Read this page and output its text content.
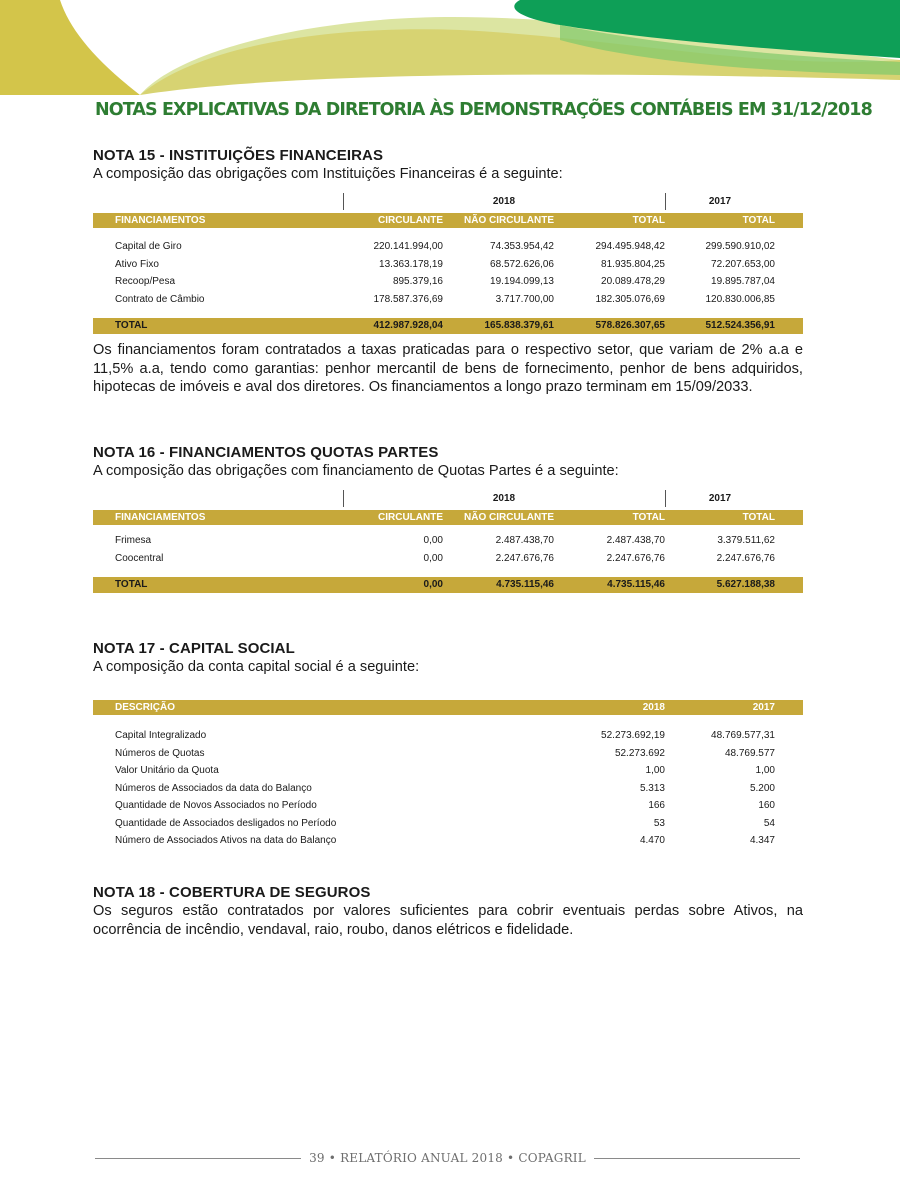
NOTAS EXPLICATIVAS DA DIRETORIA ÀS DEMONSTRAÇÕES CONTÁBEIS EM 31/12/2018
NOTA 15 - INSTITUIÇÕES FINANCEIRAS
A composição das obrigações com Instituições Financeiras é a seguinte:
2018	2017
FINANCIAMENTOS	CIRCULANTE	NÃO CIRCULANTE	TOTAL	TOTAL
Capital de Giro	220.141.994,00	74.353.954,42	294.495.948,42	299.590.910,02
Ativo Fixo	13.363.178,19	68.572.626,06	81.935.804,25	72.207.653,00
Recoop/Pesa	895.379,16	19.194.099,13	20.089.478,29	19.895.787,04
Contrato de Câmbio	178.587.376,69	3.717.700,00	182.305.076,69	120.830.006,85
TOTAL	412.987.928,04	165.838.379,61	578.826.307,65	512.524.356,91
Os financiamentos foram contratados a taxas praticadas para o respectivo setor, que variam de 2% a.a e 11,5% a.a, tendo como garantias: penhor mercantil de bens de fornecimento, penhor de bens adquiridos, hipotecas de imóveis e aval dos diretores. Os financiamentos a longo prazo terminam em 15/09/2033.
NOTA 16 - FINANCIAMENTOS QUOTAS PARTES
A composição das obrigações com financiamento de Quotas Partes é a seguinte:
2018	2017
FINANCIAMENTOS	CIRCULANTE	NÃO CIRCULANTE	TOTAL	TOTAL
Frimesa	0,00	2.487.438,70	2.487.438,70	3.379.511,62
Coocentral	0,00	2.247.676,76	2.247.676,76	2.247.676,76
TOTAL	0,00	4.735.115,46	4.735.115,46	5.627.188,38
NOTA 17 - CAPITAL SOCIAL
A composição da conta capital social é a seguinte:
DESCRIÇÃO	2018	2017
Capital Integralizado	52.273.692,19	48.769.577,31
Números de Quotas	52.273.692	48.769.577
Valor Unitário da Quota	1,00	1,00
Números de Associados da data do Balanço	5.313	5.200
Quantidade de Novos Associados no Período	166	160
Quantidade de Associados desligados no Período	53	54
Número de Associados Ativos na data do Balanço	4.470	4.347
NOTA 18 - COBERTURA DE SEGUROS
Os seguros estão contratados por valores suficientes para cobrir eventuais perdas sobre Ativos, na ocorrência de incêndio, vendaval, raio, roubo, danos elétricos e fidelidade.
39 • RELATÓRIO ANUAL 2018 • COPAGRIL
